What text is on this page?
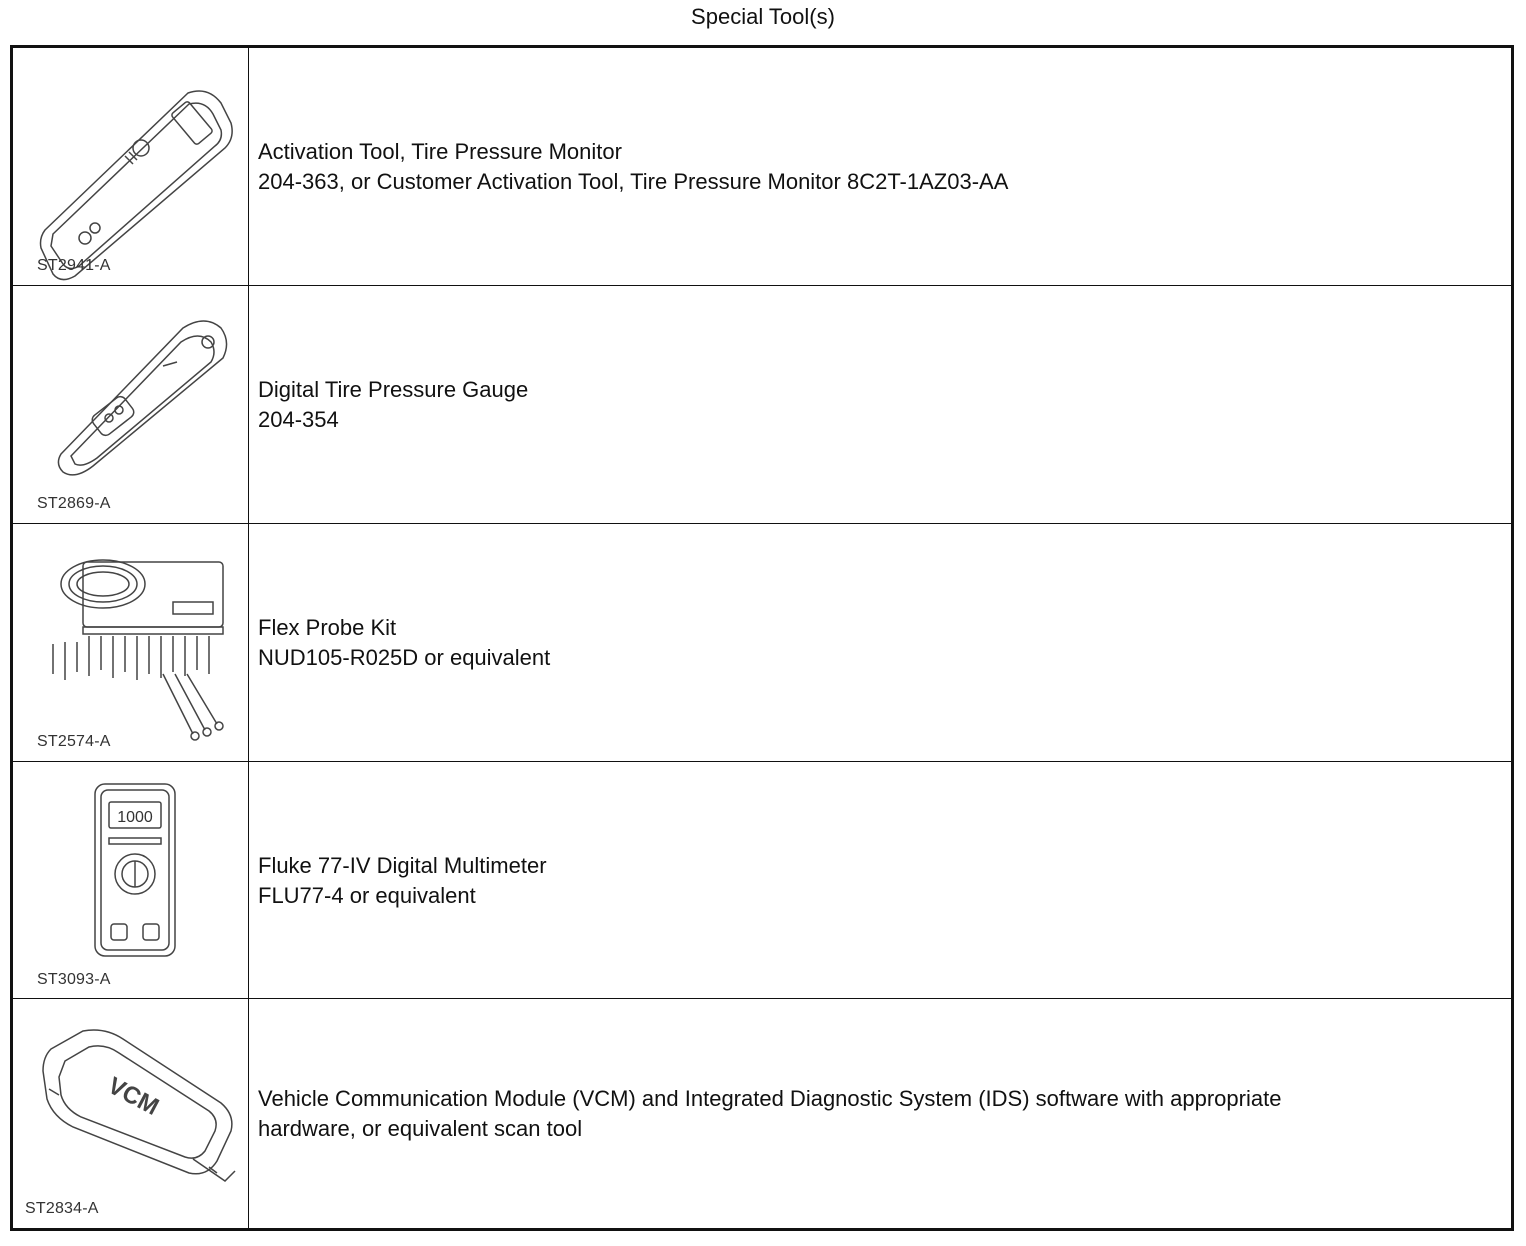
Special Tool(s)
ST2941-A
Activation Tool, Tire Pressure Monitor
204-363, or Customer Activation Tool, Tire Pressure Monitor 8C2T-1AZ03-AA
ST2869-A
Digital Tire Pressure Gauge
204-354
ST2574-A
Flex Probe Kit
NUD105-R025D or equivalent
1000
ST3093-A
Fluke 77-IV Digital Multimeter
FLU77-4 or equivalent
VCM
ST2834-A
Vehicle Communication Module (VCM) and Integrated Diagnostic System (IDS) software with appropriate
hardware, or equivalent scan tool
